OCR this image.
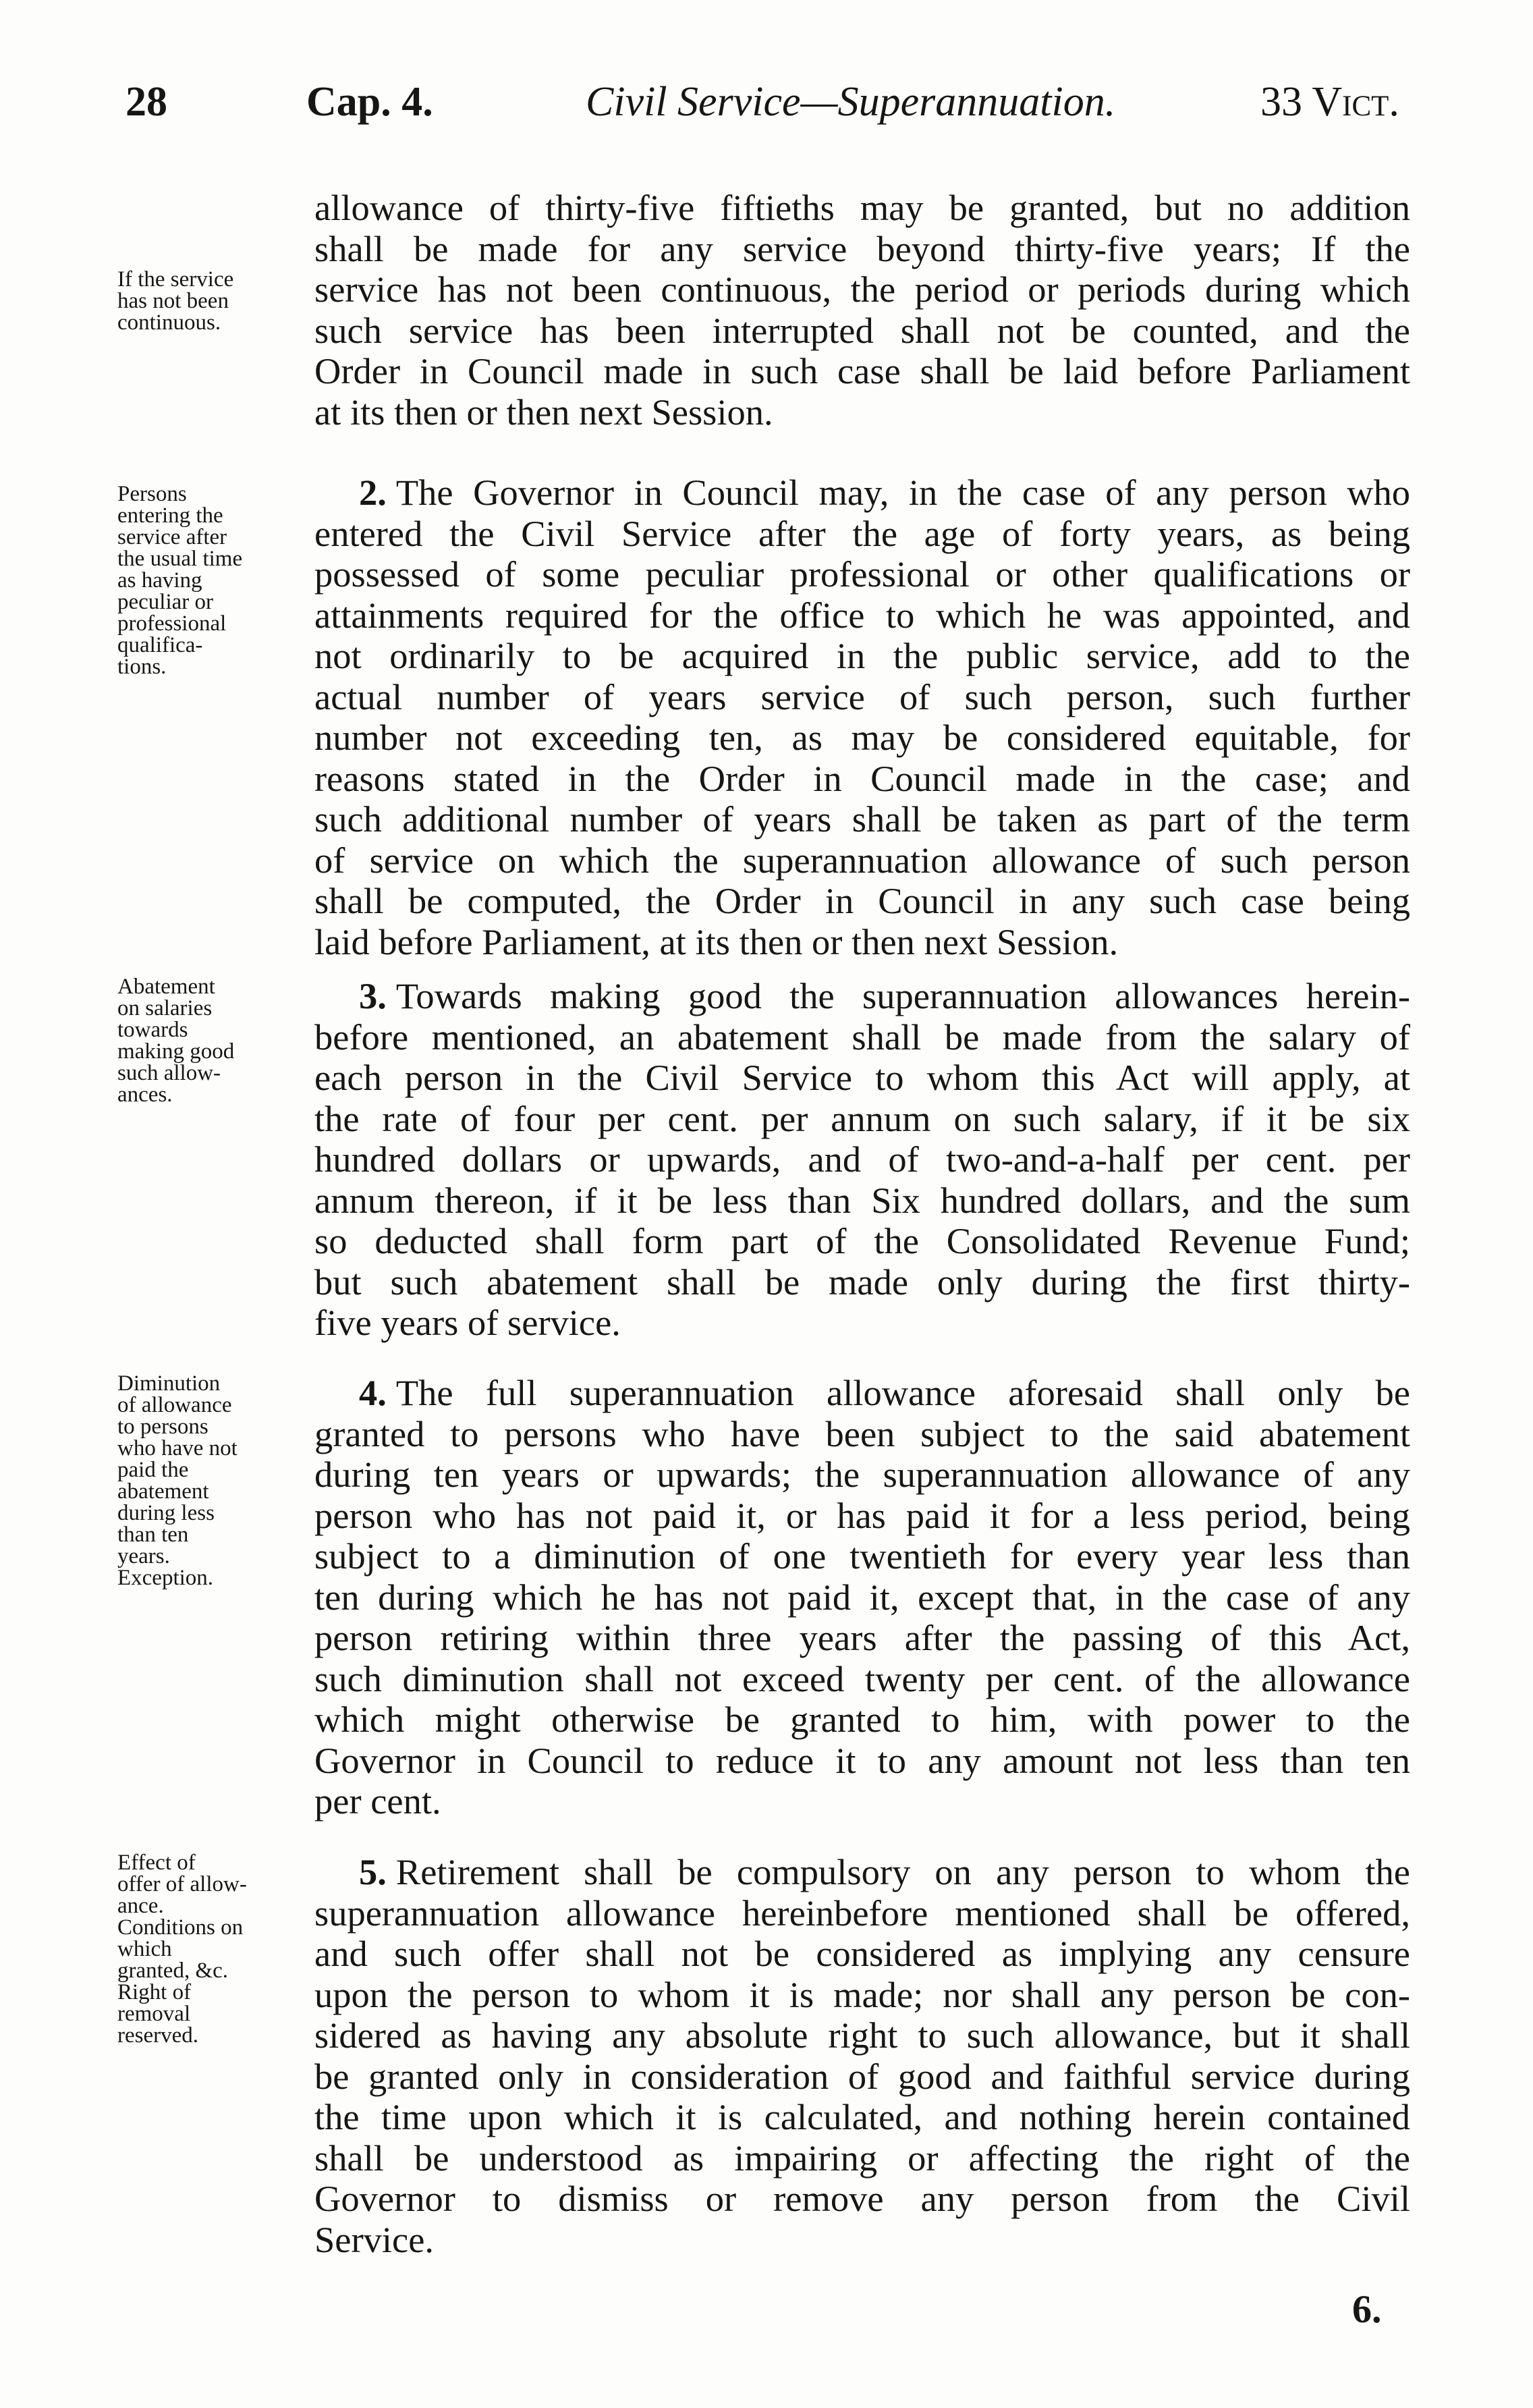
28	Cap. 4.	Civil Service—Superannuation.	33 Vict.
allowance of thirty-five fiftieths may be granted, but no addition
shall be made for any service beyond thirty-five years; If the
service has not been continuous, the period or periods during which
such service has been interrupted shall not be counted, and the
Order in Council made in such case shall be laid before Parliament
at its then or then next Session.
If the service
has not been
continuous.
2. The Governor in Council may, in the case of any person who
entered the Civil Service after the age of forty years, as being
possessed of some peculiar professional or other qualifications or
attainments required for the office to which he was appointed, and
not ordinarily to be acquired in the public service, add to the
actual number of years service of such person, such further
number not exceeding ten, as may be considered equitable, for
reasons stated in the Order in Council made in the case; and
such additional number of years shall be taken as part of the term
of service on which the superannuation allowance of such person
shall be computed, the Order in Council in any such case being
laid before Parliament, at its then or then next Session.
Persons
entering the
service after
the usual time
as having
peculiar or
professional
qualifica-
tions.
3. Towards making good the superannuation allowances herein-
before mentioned, an abatement shall be made from the salary of
each person in the Civil Service to whom this Act will apply, at
the rate of four per cent. per annum on such salary, if it be six
hundred dollars or upwards, and of two-and-a-half per cent. per
annum thereon, if it be less than Six hundred dollars, and the sum
so deducted shall form part of the Consolidated Revenue Fund;
but such abatement shall be made only during the first thirty-
five years of service.
Abatement
on salaries
towards
making good
such allow-
ances.
4. The full superannuation allowance aforesaid shall only be
granted to persons who have been subject to the said abatement
during ten years or upwards; the superannuation allowance of any
person who has not paid it, or has paid it for a less period, being
subject to a diminution of one twentieth for every year less than
ten during which he has not paid it, except that, in the case of any
person retiring within three years after the passing of this Act,
such diminution shall not exceed twenty per cent. of the allowance
which might otherwise be granted to him, with power to the
Governor in Council to reduce it to any amount not less than ten
per cent.
Diminution
of allowance
to persons
who have not
paid the
abatement
during less
than ten
years.
Exception.
5. Retirement shall be compulsory on any person to whom the
superannuation allowance hereinbefore mentioned shall be offered,
and such offer shall not be considered as implying any censure
upon the person to whom it is made; nor shall any person be con-
sidered as having any absolute right to such allowance, but it shall
be granted only in consideration of good and faithful service during
the time upon which it is calculated, and nothing herein contained
shall be understood as impairing or affecting the right of the
Governor to dismiss or remove any person from the Civil
Service.
Effect of
offer of allow-
ance.
Conditions on
which
granted, &c.
Right of
removal
reserved.
6.
